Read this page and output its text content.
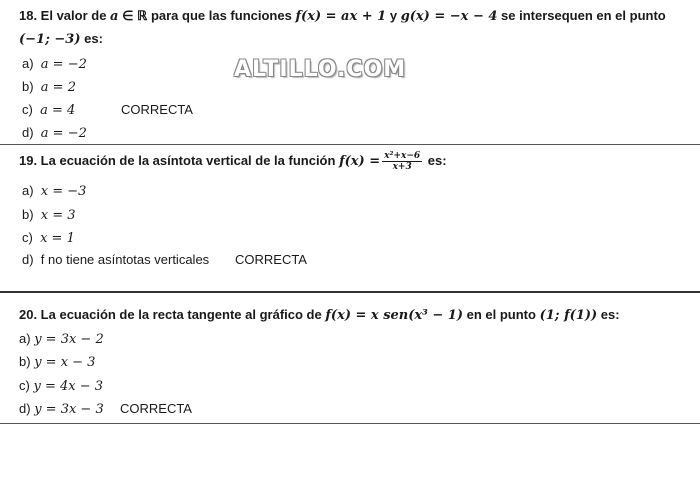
18. El valor de a ∈ ℝ para que las funciones f(x) = ax + 1 y g(x) = −x − 4 se intersequen en el punto
(−1; −3) es:
a) a = −2
b) a = 2
c) a = 4	CORRECTA
d) a = −2
ALTILLO.COM
19. La ecuación de la asíntota vertical de la función $f(x) = \frac{\text{x²+x−6}}{x+3}$ es:
a) x = −3
b) x = 3
c) x = 1
d) f no tiene asíntotas verticales CORRECTA
20. La ecuación de la recta tangente al gráfico de f(x) = x sen(x³ − 1) en el punto (1; f(1)) es:
a) y = 3x − 2
b) y = x − 3
c) y = 4x − 3
d) y = 3x − 3 CORRECTA
